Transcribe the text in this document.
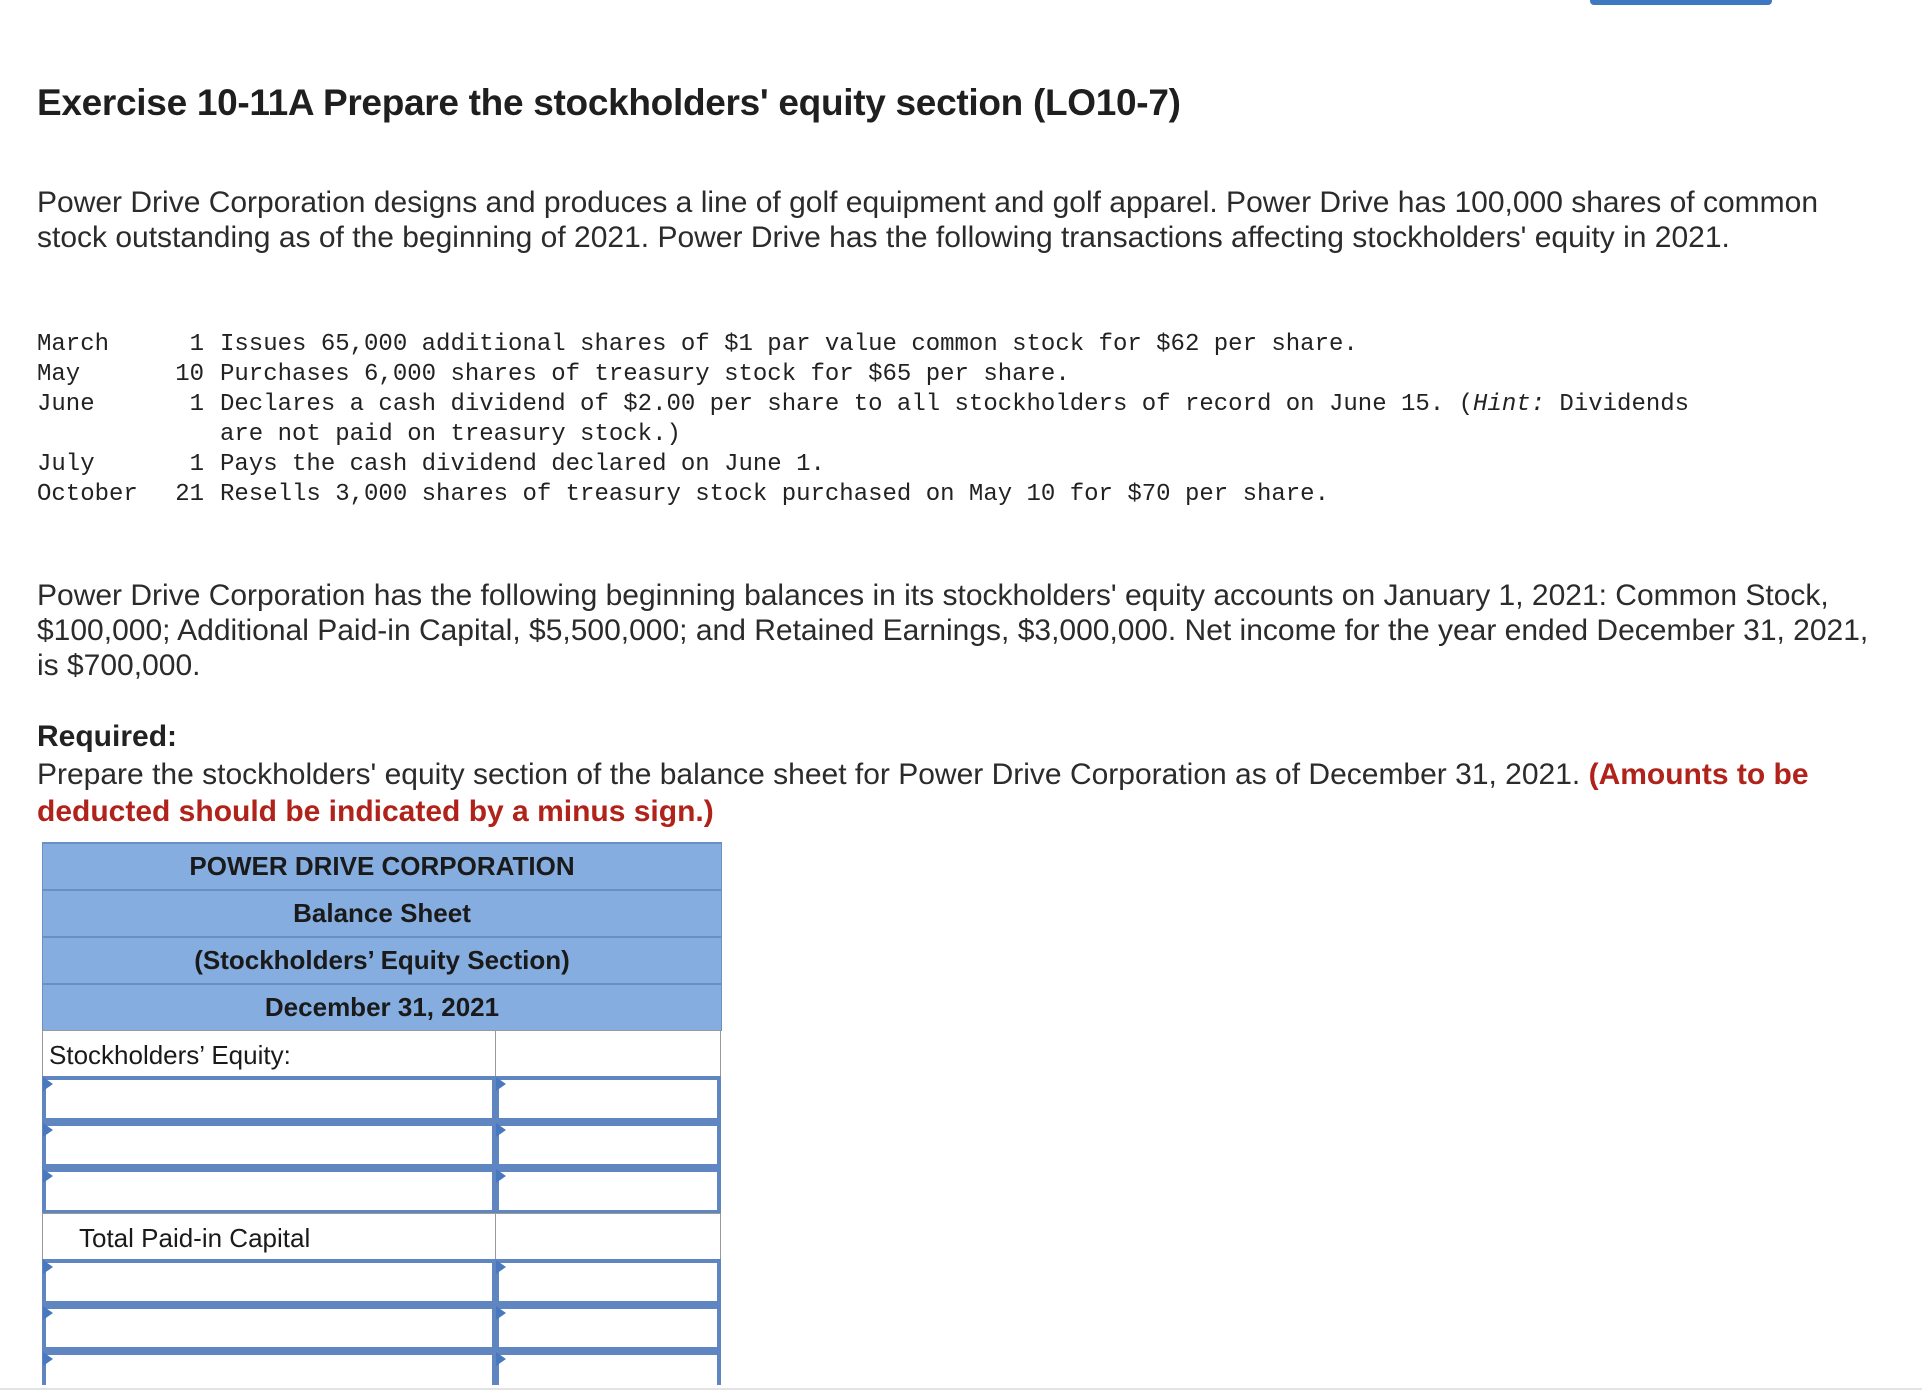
Exercise 10-11A Prepare the stockholders' equity section (LO10-7)

Power Drive Corporation designs and produces a line of golf equipment and golf apparel. Power Drive has 100,000 shares of common stock outstanding as of the beginning of 2021. Power Drive has the following transactions affecting stockholders' equity in 2021.

March	1	Issues 65,000 additional shares of $1 par value common stock for $62 per share.
May	10	Purchases 6,000 shares of treasury stock for $65 per share.
June	1	Declares a cash dividend of $2.00 per share to all stockholders of record on June 15. (Hint: Dividends
		are not paid on treasury stock.)
July	1	Pays the cash dividend declared on June 1.
October	21	Resells 3,000 shares of treasury stock purchased on May 10 for $70 per share.

Power Drive Corporation has the following beginning balances in its stockholders' equity accounts on January 1, 2021: Common Stock, $100,000; Additional Paid-in Capital, $5,500,000; and Retained Earnings, $3,000,000. Net income for the year ended December 31, 2021, is $700,000.

Required:

Prepare the stockholders' equity section of the balance sheet for Power Drive Corporation as of December 31, 2021. (Amounts to be deducted should be indicated by a minus sign.)

POWER DRIVE CORPORATION
Balance Sheet
(Stockholders’ Equity Section)
December 31, 2021
Stockholders’ Equity:
Total Paid-in Capital
